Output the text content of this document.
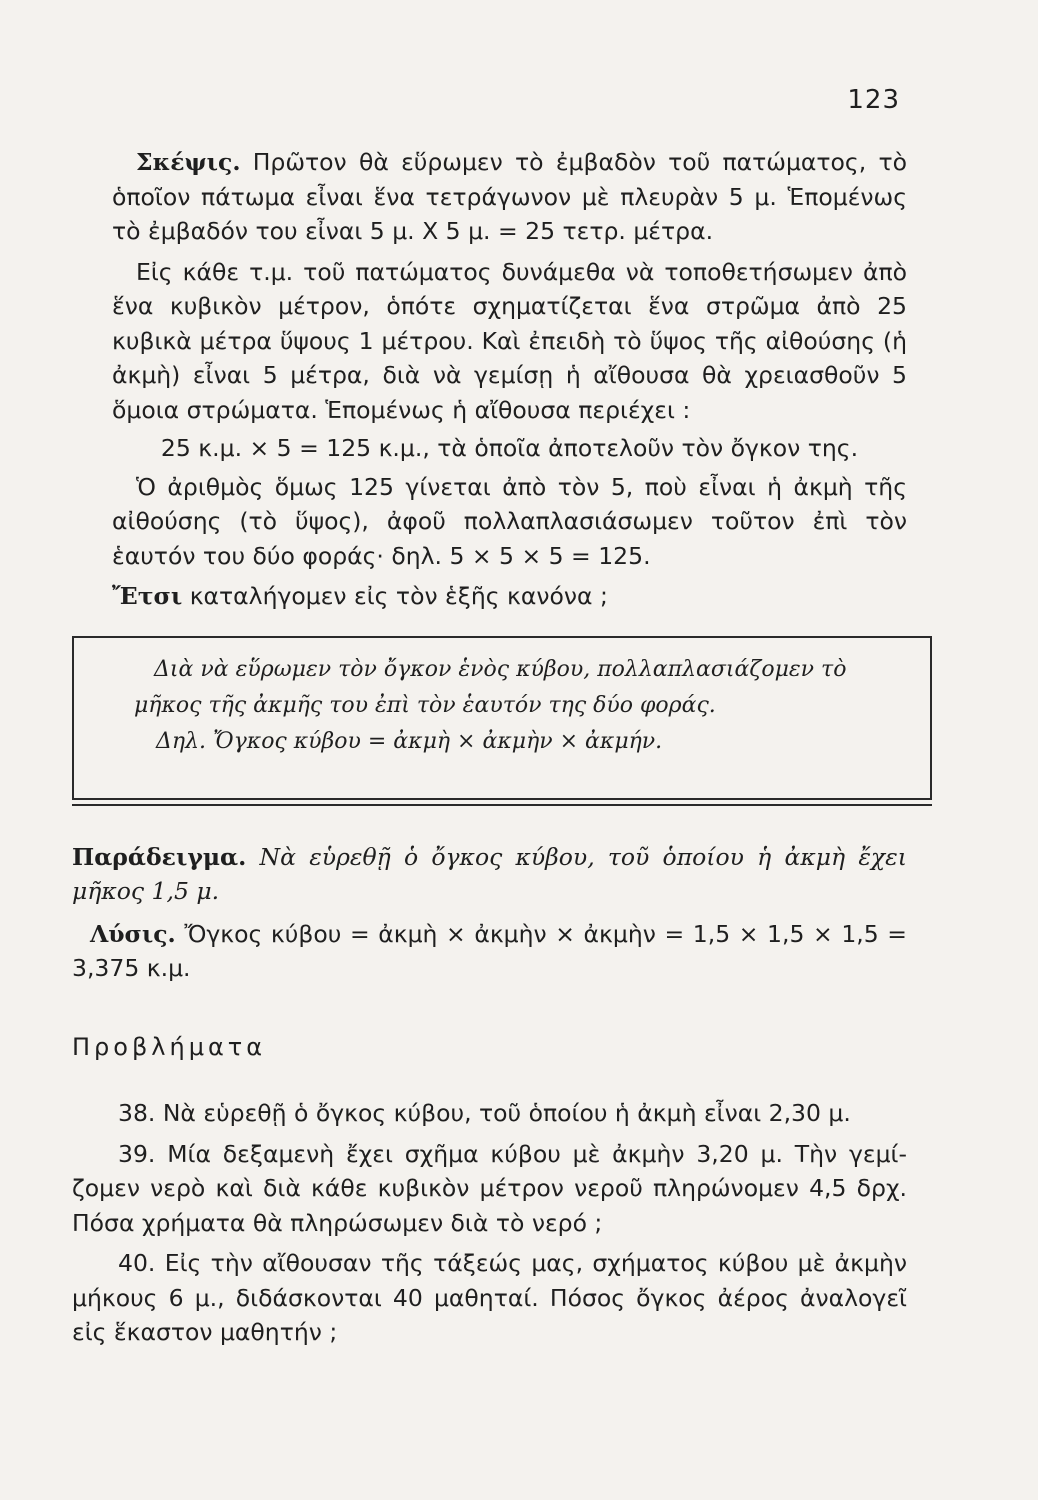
123

Σκέψις. Πρῶτον θὰ εὕρωμεν τὸ ἐμβαδὸν τοῦ πατώματος, τὸ ὁποῖον πάτωμα εἶναι ἕνα τετράγωνον μὲ πλευρὰν 5 μ. Ἑπομένως τὸ ἐμβαδόν του εἶναι 5 μ. X 5 μ. = 25 τετρ. μέτρα.

Εἰς κάθε τ.μ. τοῦ πατώματος δυνάμεθα νὰ τοποθετήσωμεν ἀπὸ ἕνα κυβικὸν μέτρον, ὁπότε σχηματίζεται ἕνα στρῶμα ἀπὸ 25 κυβικὰ μέτρα ὕψους 1 μέτρου. Καὶ ἐπειδὴ τὸ ὕψος τῆς αἰθούσης (ἡ ἀκμὴ) εἶναι 5 μέτρα, διὰ νὰ γεμίσῃ ἡ αἴθουσα θὰ χρειασθοῦν 5 ὅμοια στρώματα. Ἑπομένως ἡ αἴθουσα περιέχει :

25 κ.μ. × 5 = 125 κ.μ., τὰ ὁποῖα ἀποτελοῦν τὸν ὄγκον της.

Ὁ ἀριθμὸς ὅμως 125 γίνεται ἀπὸ τὸν 5, ποὺ εἶναι ἡ ἀκμὴ τῆς αἰθούσης (τὸ ὕψος), ἀφοῦ πολλαπλασιάσωμεν τοῦτον ἐπὶ τὸν ἑαυτόν του δύο φοράς· δηλ. 5 × 5 × 5 = 125.

Ἔτσι καταλήγομεν εἰς τὸν ἑξῆς κανόνα ;

Διὰ νὰ εὕρωμεν τὸν ὄγκον ἑνὸς κύβου, πολλαπλασιάζομεν τὸ

μῆκος τῆς ἀκμῆς του ἐπὶ τὸν ἑαυτόν της δύο φοράς.

Δηλ. Ὄγκος κύβου = ἀκμὴ × ἀκμὴν × ἀκμήν.

Παράδειγμα. Νὰ εὑρεθῇ ὁ ὄγκος κύβου, τοῦ ὁποίου ἡ ἀκμὴ ἔχει μῆκος 1,5 μ.

Λύσις. Ὄγκος κύβου = ἀκμὴ × ἀκμὴν × ἀκμὴν = 1,5 × 1,5 × 1,5 = 3,375 κ.μ.

Προβλήματα

38. Νὰ εὑρεθῇ ὁ ὄγκος κύβου, τοῦ ὁποίου ἡ ἀκμὴ εἶναι 2,30 μ.

39. Μία δεξαμενὴ ἔχει σχῆμα κύβου μὲ ἀκμὴν 3,20 μ. Τὴν γεμί-ζομεν νερὸ καὶ διὰ κάθε κυβικὸν μέτρον νεροῦ πληρώνομεν 4,5 δρχ. Πόσα χρήματα θὰ πληρώσωμεν διὰ τὸ νερό ;

40. Εἰς τὴν αἴθουσαν τῆς τάξεώς μας, σχήματος κύβου μὲ ἀκμὴν μήκους 6 μ., διδάσκονται 40 μαθηταί. Πόσος ὄγκος ἀέρος ἀναλογεῖ εἰς ἕκαστον μαθητήν ;
